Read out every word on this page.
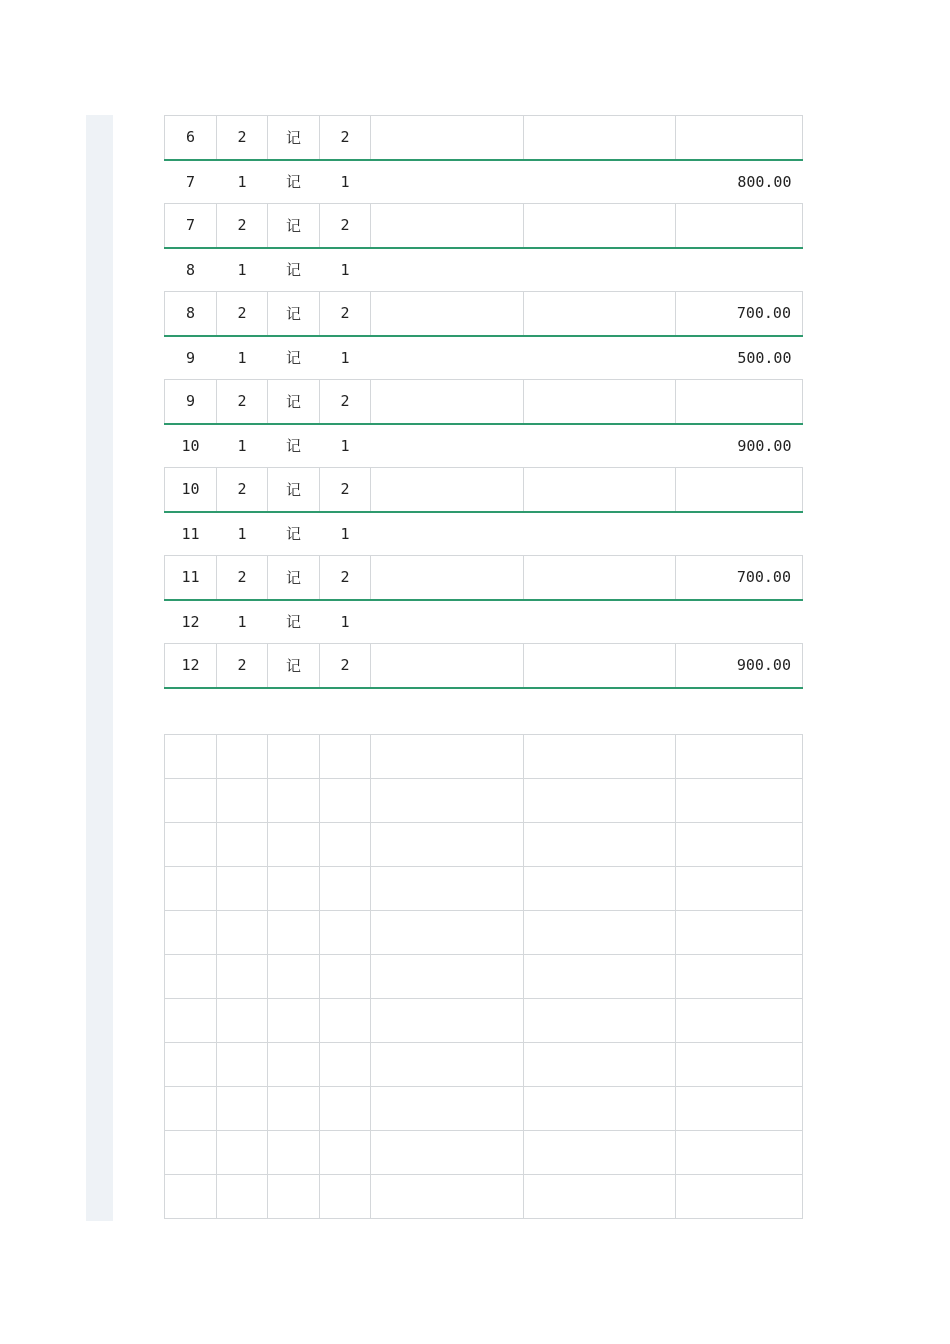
6	2	记	2			
7	1	记	1			800.00
7	2	记	2			
8	1	记	1			
8	2	记	2			700.00
9	1	记	1			500.00
9	2	记	2			
10	1	记	1			900.00
10	2	记	2			
11	1	记	1			
11	2	记	2			700.00
12	1	记	1			
12	2	记	2			900.00
